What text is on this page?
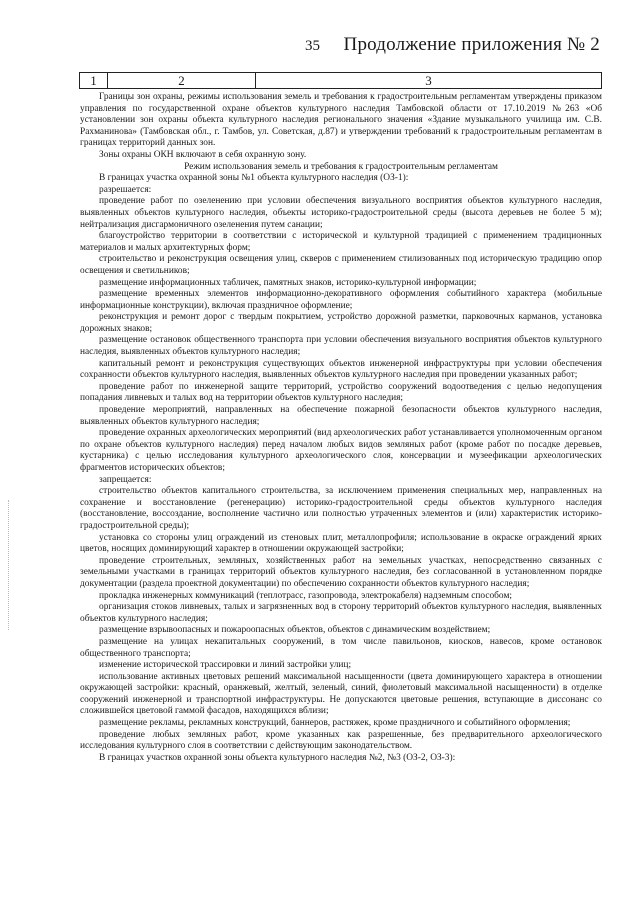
35 Продолжение приложения № 2
1	2	3

Границы зон охраны, режимы использования земель и требования к градостроительным регламентам утверждены приказом управления по государственной охране объектов культурного наследия Тамбовской области от 17.10.2019 №263 «Об установлении зон охраны объекта культурного наследия регионального значения «Здание музыкального училища им. С.В. Рахманинова» (Тамбовская обл., г. Тамбов, ул. Советская, д.87) и утверждении требований к градостроительным регламентам в границах территорий данных зон.

Зоны охраны ОКН включают в себя охранную зону.

Режим использования земель и требования к градостроительным регламентам

В границах участка охранной зоны №1 объекта культурного наследия (ОЗ-1):

разрешается:

проведение работ по озеленению при условии обеспечения визуального восприятия объектов культурного наследия, выявленных объектов культурного наследия, объекты историко-градостроительной среды (высота деревьев не более 5 м); нейтрализация дисгармоничного озеленения путем санации;

благоустройство территории в соответствии с исторической и культурной традицией с применением традиционных материалов и малых архитектурных форм;

строительство и реконструкция освещения улиц, скверов с применением стилизованных под историческую традицию опор освещения и светильников;

размещение информационных табличек, памятных знаков, историко-культурной информации;

размещение временных элементов информационно-декоративного оформления событийного характера (мобильные информационные конструкции), включая праздничное оформление;

реконструкция и ремонт дорог с твердым покрытием, устройство дорожной разметки, парковочных карманов, установка дорожных знаков;

размещение остановок общественного транспорта при условии обеспечения визуального восприятия объектов культурного наследия, выявленных объектов культурного наследия;

капитальный ремонт и реконструкция существующих объектов инженерной инфраструктуры при условии обеспечения сохранности объектов культурного наследия, выявленных объектов культурного наследия при проведении указанных работ;

проведение работ по инженерной защите территорий, устройство сооружений водоотведения с целью недопущения попадания ливневых и талых вод на территории объектов культурного наследия;

проведение мероприятий, направленных на обеспечение пожарной безопасности объектов культурного наследия, выявленных объектов культурного наследия;

проведение охранных археологических мероприятий (вид археологических работ устанавливается уполномоченным органом по охране объектов культурного наследия) перед началом любых видов земляных работ (кроме работ по посадке деревьев, кустарника) с целью исследования культурного археологического слоя, консервации и музеефикации археологических фрагментов исторических объектов;

запрещается:

строительство объектов капитального строительства, за исключением применения специальных мер, направленных на сохранение и восстановление (регенерацию) историко-градостроительной среды объектов культурного наследия (восстановление, воссоздание, восполнение частично или полностью утраченных элементов и (или) характеристик историко-градостроительной среды);

установка со стороны улиц ограждений из стеновых плит, металлопрофиля; использование в окраске ограждений ярких цветов, носящих доминирующий характер в отношении окружающей застройки;

проведение строительных, земляных, хозяйственных работ на земельных участках, непосредственно связанных с земельными участками в границах территорий объектов культурного наследия, без согласованной в установленном порядке документации (раздела проектной документации) по обеспечению сохранности объектов культурного наследия;

прокладка инженерных коммуникаций (теплотрасс, газопровода, электрокабеля) надземным способом;

организация стоков ливневых, талых и загрязненных вод в сторону территорий объектов культурного наследия, выявленных объектов культурного наследия;

размещение взрывоопасных и пожароопасных объектов, объектов с динамическим воздействием;

размещение на улицах некапитальных сооружений, в том числе павильонов, киосков, навесов, кроме остановок общественного транспорта;

изменение исторической трассировки и линий застройки улиц;

использование активных цветовых решений максимальной насыщенности (цвета доминирующего характера в отношении окружающей застройки: красный, оранжевый, желтый, зеленый, синий, фиолетовый максимальной насыщенности) в отделке сооружений инженерной и транспортной инфраструктуры. Не допускаются цветовые решения, вступающие в диссонанс со сложившейся цветовой гаммой фасадов, находящихся вблизи;

размещение рекламы, рекламных конструкций, баннеров, растяжек, кроме праздничного и событийного оформления;

проведение любых земляных работ, кроме указанных как разрешенные, без предварительного археологического исследования культурного слоя в соответствии с действующим законодательством.

В границах участков охранной зоны объекта культурного наследия №2, №3 (ОЗ-2, ОЗ-3):
